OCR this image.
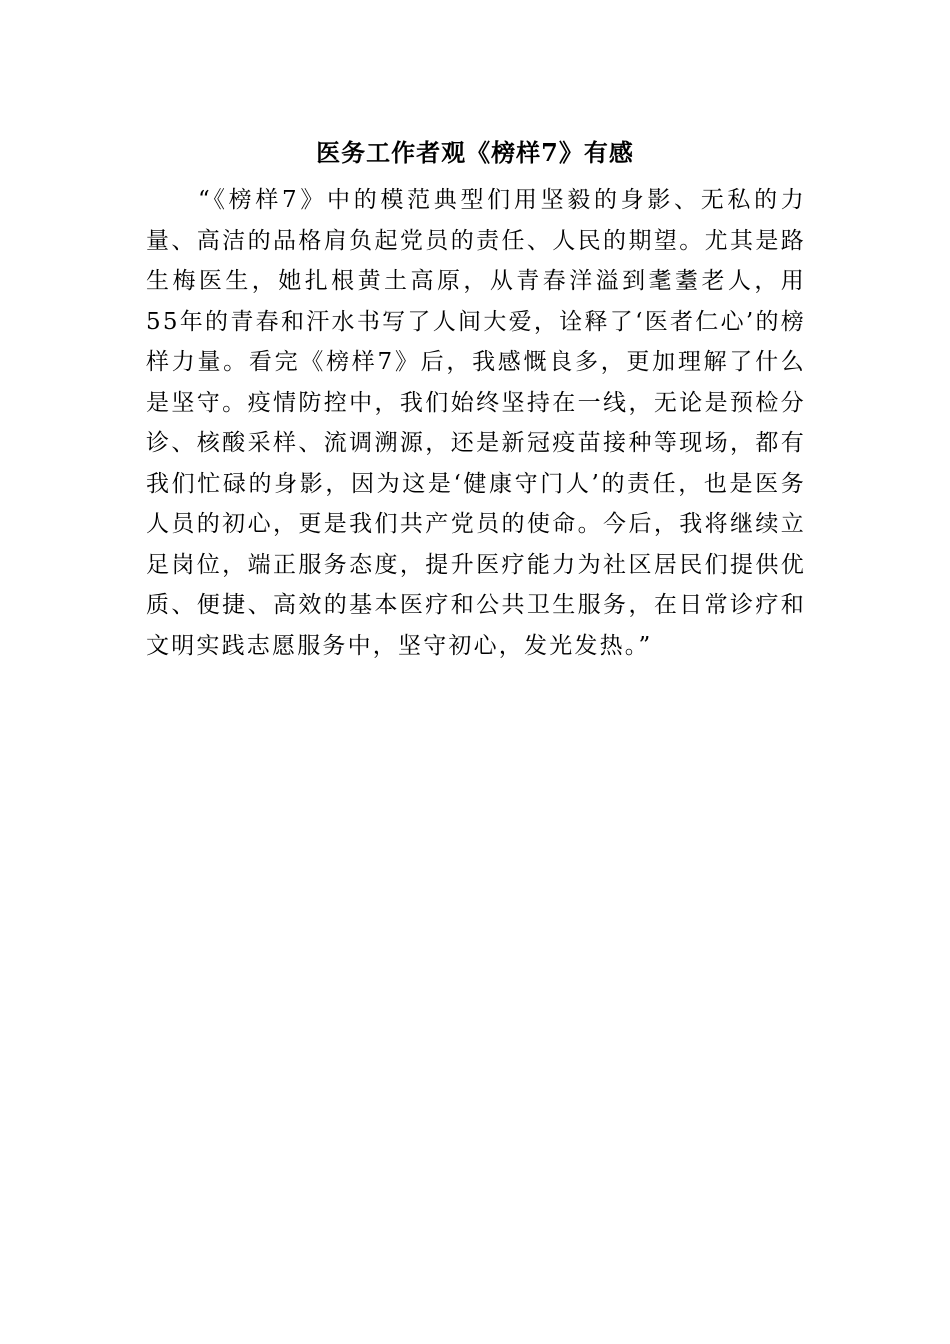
医务工作者观《榜样7》有感

“《榜样7》中的模范典型们用坚毅的身影、无私的力量、高洁的品格肩负起党员的责任、人民的期望。尤其是路生梅医生，她扎根黄土高原，从青春洋溢到耄耋老人，用55年的青春和汗水书写了人间大爱，诠释了‘医者仁心’的榜样力量。看完《榜样7》后，我感慨良多，更加理解了什么是坚守。疫情防控中，我们始终坚持在一线，无论是预检分诊、核酸采样、流调溯源，还是新冠疫苗接种等现场，都有我们忙碌的身影，因为这是‘健康守门人’的责任，也是医务人员的初心，更是我们共产党员的使命。今后，我将继续立足岗位，端正服务态度，提升医疗能力为社区居民们提供优质、便捷、高效的基本医疗和公共卫生服务，在日常诊疗和文明实践志愿服务中，坚守初心，发光发热。”
